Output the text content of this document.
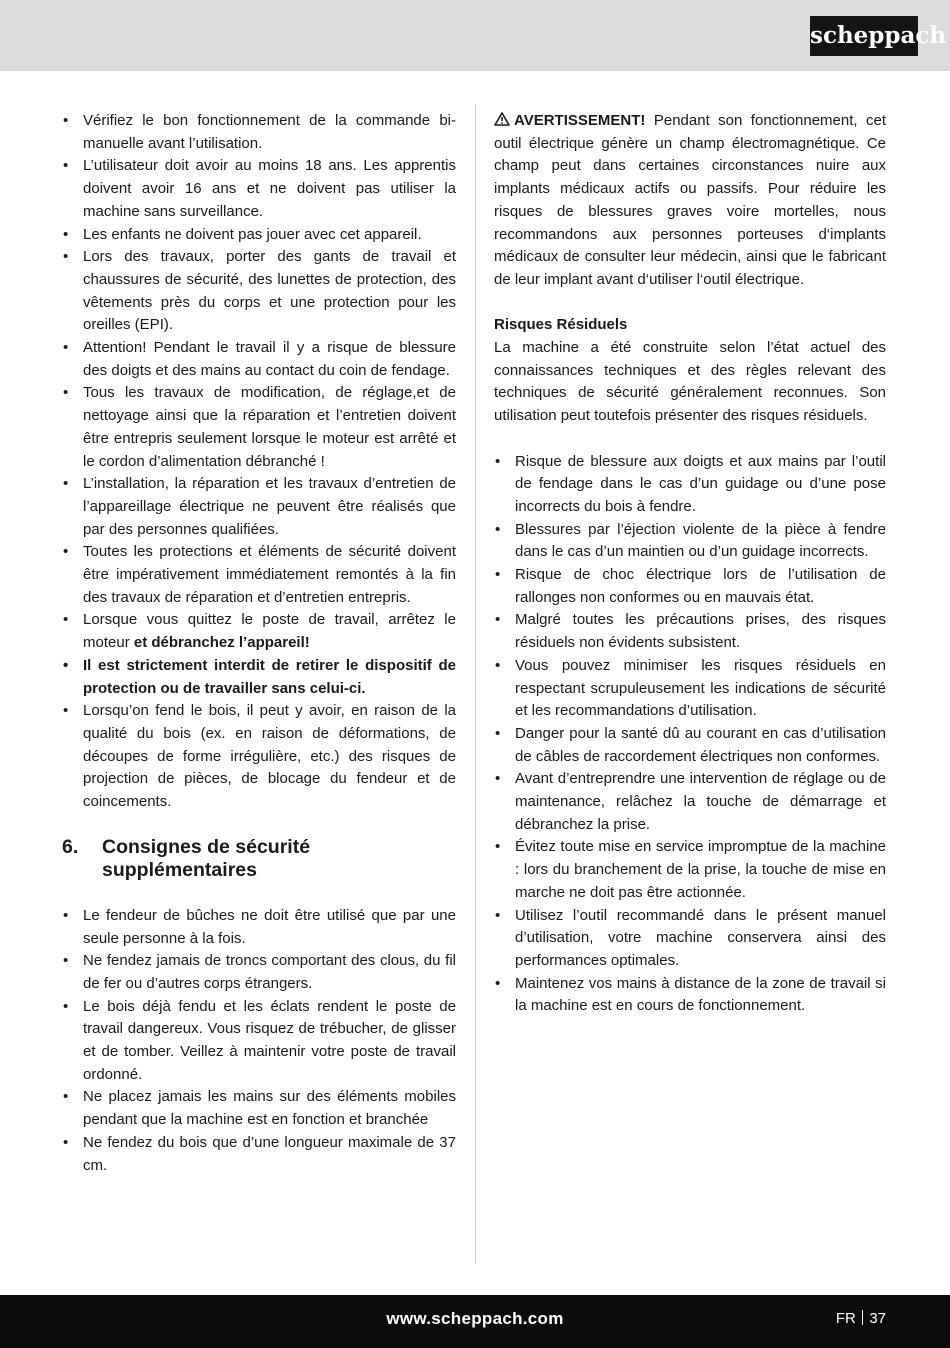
scheppach
• Vérifiez le bon fonctionnement de la commande bi-manuelle avant l’utilisation.
• L’utilisateur doit avoir au moins 18 ans. Les apprentis doivent avoir 16 ans et ne doivent pas utiliser la machine sans surveillance.
• Les enfants ne doivent pas jouer avec cet appareil.
• Lors des travaux, porter des gants de travail et chaussures de sécurité, des lunettes de protection, des vêtements près du corps et une protection pour les oreilles (EPI).
• Attention! Pendant le travail il y a risque de blessure des doigts et des mains au contact du coin de fendage.
• Tous les travaux de modification, de réglage,et de nettoyage ainsi que la réparation et l’entretien doivent être entrepris seulement lorsque le moteur est arrêté et le cordon d’alimentation débranché !
• L’installation, la réparation et les travaux d’entretien de l’appareillage électrique ne peuvent être réalisés que par des personnes qualifiées.
• Toutes les protections et éléments de sécurité doivent être impérativement immédiatement remontés à la fin des travaux de réparation et d’entretien entrepris.
• Lorsque vous quittez le poste de travail, arrêtez le moteur et débranchez l’appareil!
• Il est strictement interdit de retirer le dispositif de protection ou de travailler sans celui-ci.
• Lorsqu’on fend le bois, il peut y avoir, en raison de la qualité du bois (ex. en raison de déformations, de découpes de forme irrégulière, etc.) des risques de projection de pièces, de blocage du fendeur et de coincements.
6.	Consignes de sécurité supplémentaires
• Le fendeur de bûches ne doit être utilisé que par une seule personne à la fois.
• Ne fendez jamais de troncs comportant des clous, du fil de fer ou d’autres corps étrangers.
• Le bois déjà fendu et les éclats rendent le poste de travail dangereux. Vous risquez de trébucher, de glisser et de tomber. Veillez à maintenir votre poste de travail ordonné.
• Ne placez jamais les mains sur des éléments mobiles pendant que la machine est en fonction et branchée
• Ne fendez du bois que d’une longueur maximale de 37 cm.

AVERTISSEMENT! Pendant son fonctionnement, cet outil électrique génère un champ électromagnétique. Ce champ peut dans certaines circonstances nuire aux implants médicaux actifs ou passifs. Pour réduire les risques de blessures graves voire mortelles, nous recommandons aux personnes porteuses d‘implants médicaux de consulter leur médecin, ainsi que le fabricant de leur implant avant d‘utiliser l‘outil électrique.

Risques Résiduels

La machine a été construite selon l’état actuel des connaissances techniques et des règles relevant des techniques de sécurité généralement reconnues. Son utilisation peut toutefois présenter des risques résiduels.

• Risque de blessure aux doigts et aux mains par l’outil de fendage dans le cas d’un guidage ou d’une pose incorrects du bois à fendre.
• Blessures par l’éjection violente de la pièce à fendre dans le cas d’un maintien ou d’un guidage incorrects.
• Risque de choc électrique lors de l’utilisation de rallonges non conformes ou en mauvais état.
• Malgré toutes les précautions prises, des risques résiduels non évidents subsistent.
• Vous pouvez minimiser les risques résiduels en respectant scrupuleusement les indications de sécurité et les recommandations d’utilisation.
• Danger pour la santé dû au courant en cas d’utilisation de câbles de raccordement électriques non conformes.
• Avant d’entreprendre une intervention de réglage ou de maintenance, relâchez la touche de démarrage et débranchez la prise.
• Évitez toute mise en service impromptue de la machine : lors du branchement de la prise, la touche de mise en marche ne doit pas être actionnée.
• Utilisez l’outil recommandé dans le présent manuel d’utilisation, votre machine conservera ainsi des performances optimales.
• Maintenez vos mains à distance de la zone de travail si la machine est en cours de fonctionnement.
www.scheppach.com	FR 37
